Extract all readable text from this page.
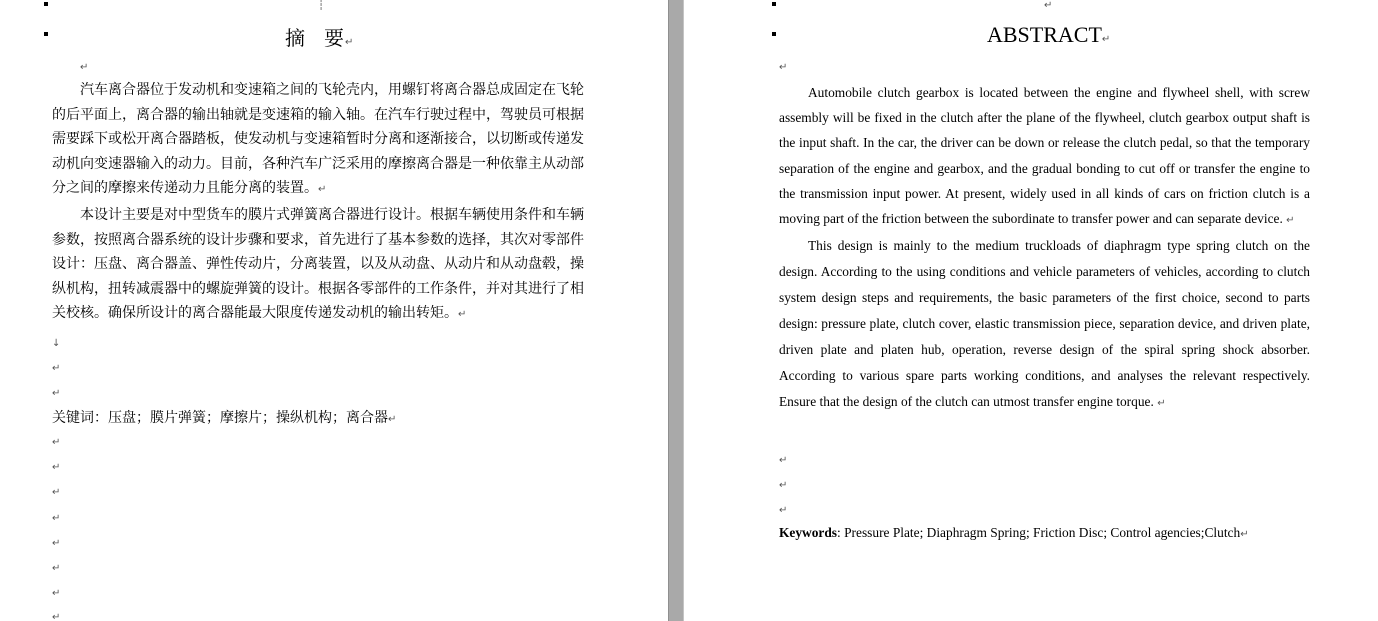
┆
摘 要↵
↵

汽车离合器位于发动机和变速箱之间的飞轮壳内，用螺钉将离合器总成固定在飞轮的后平面上，离合器的输出轴就是变速箱的输入轴。在汽车行驶过程中，驾驶员可根据需要踩下或松开离合器踏板，使发动机与变速箱暂时分离和逐渐接合，以切断或传递发动机向变速器输入的动力。目前，各种汽车广泛采用的摩擦离合器是一种依靠主从动部分之间的摩擦来传递动力且能分离的装置。↵

本设计主要是对中型货车的膜片式弹簧离合器进行设计。根据车辆使用条件和车辆参数，按照离合器系统的设计步骤和要求，首先进行了基本参数的选择，其次对零部件设计：压盘、离合器盖、弹性传动片，分离装置，以及从动盘、从动片和从动盘毂，操纵机构，扭转减震器中的螺旋弹簧的设计。根据各零部件的工作条件，并对其进行了相关校核。确保所设计的离合器能最大限度传递发动机的输出转矩。↵

↓
↵
↵
关键词：压盘；膜片弹簧；摩擦片；操纵机构；离合器↵
↵
↵
↵
↵
↵
↵
↵
↵
↵
ABSTRACT↵
↵

Automobile clutch gearbox is located between the engine and flywheel shell, with screw assembly will be fixed in the clutch after the plane of the flywheel, clutch gearbox output shaft is the input shaft. In the car, the driver can be down or release the clutch pedal, so that the temporary separation of the engine and gearbox, and the gradual bonding to cut off or transfer the engine to the transmission input power. At present, widely used in all kinds of cars on friction clutch is a moving part of the friction between the subordinate to transfer power and can separate device. ↵

This design is mainly to the medium truckloads of diaphragm type spring clutch on the design. According to the using conditions and vehicle parameters of vehicles, according to clutch system design steps and requirements, the basic parameters of the first choice, second to parts design: pressure plate, clutch cover, elastic transmission piece, separation device, and driven plate, driven plate and platen hub, operation, reverse design of the spiral spring shock absorber. According to various spare parts working conditions, and analyses the relevant respectively. Ensure that the design of the clutch can utmost transfer engine torque. ↵

↵
↵
↵
Keywords: Pressure Plate; Diaphragm Spring; Friction Disc; Control agencies;Clutch↵
